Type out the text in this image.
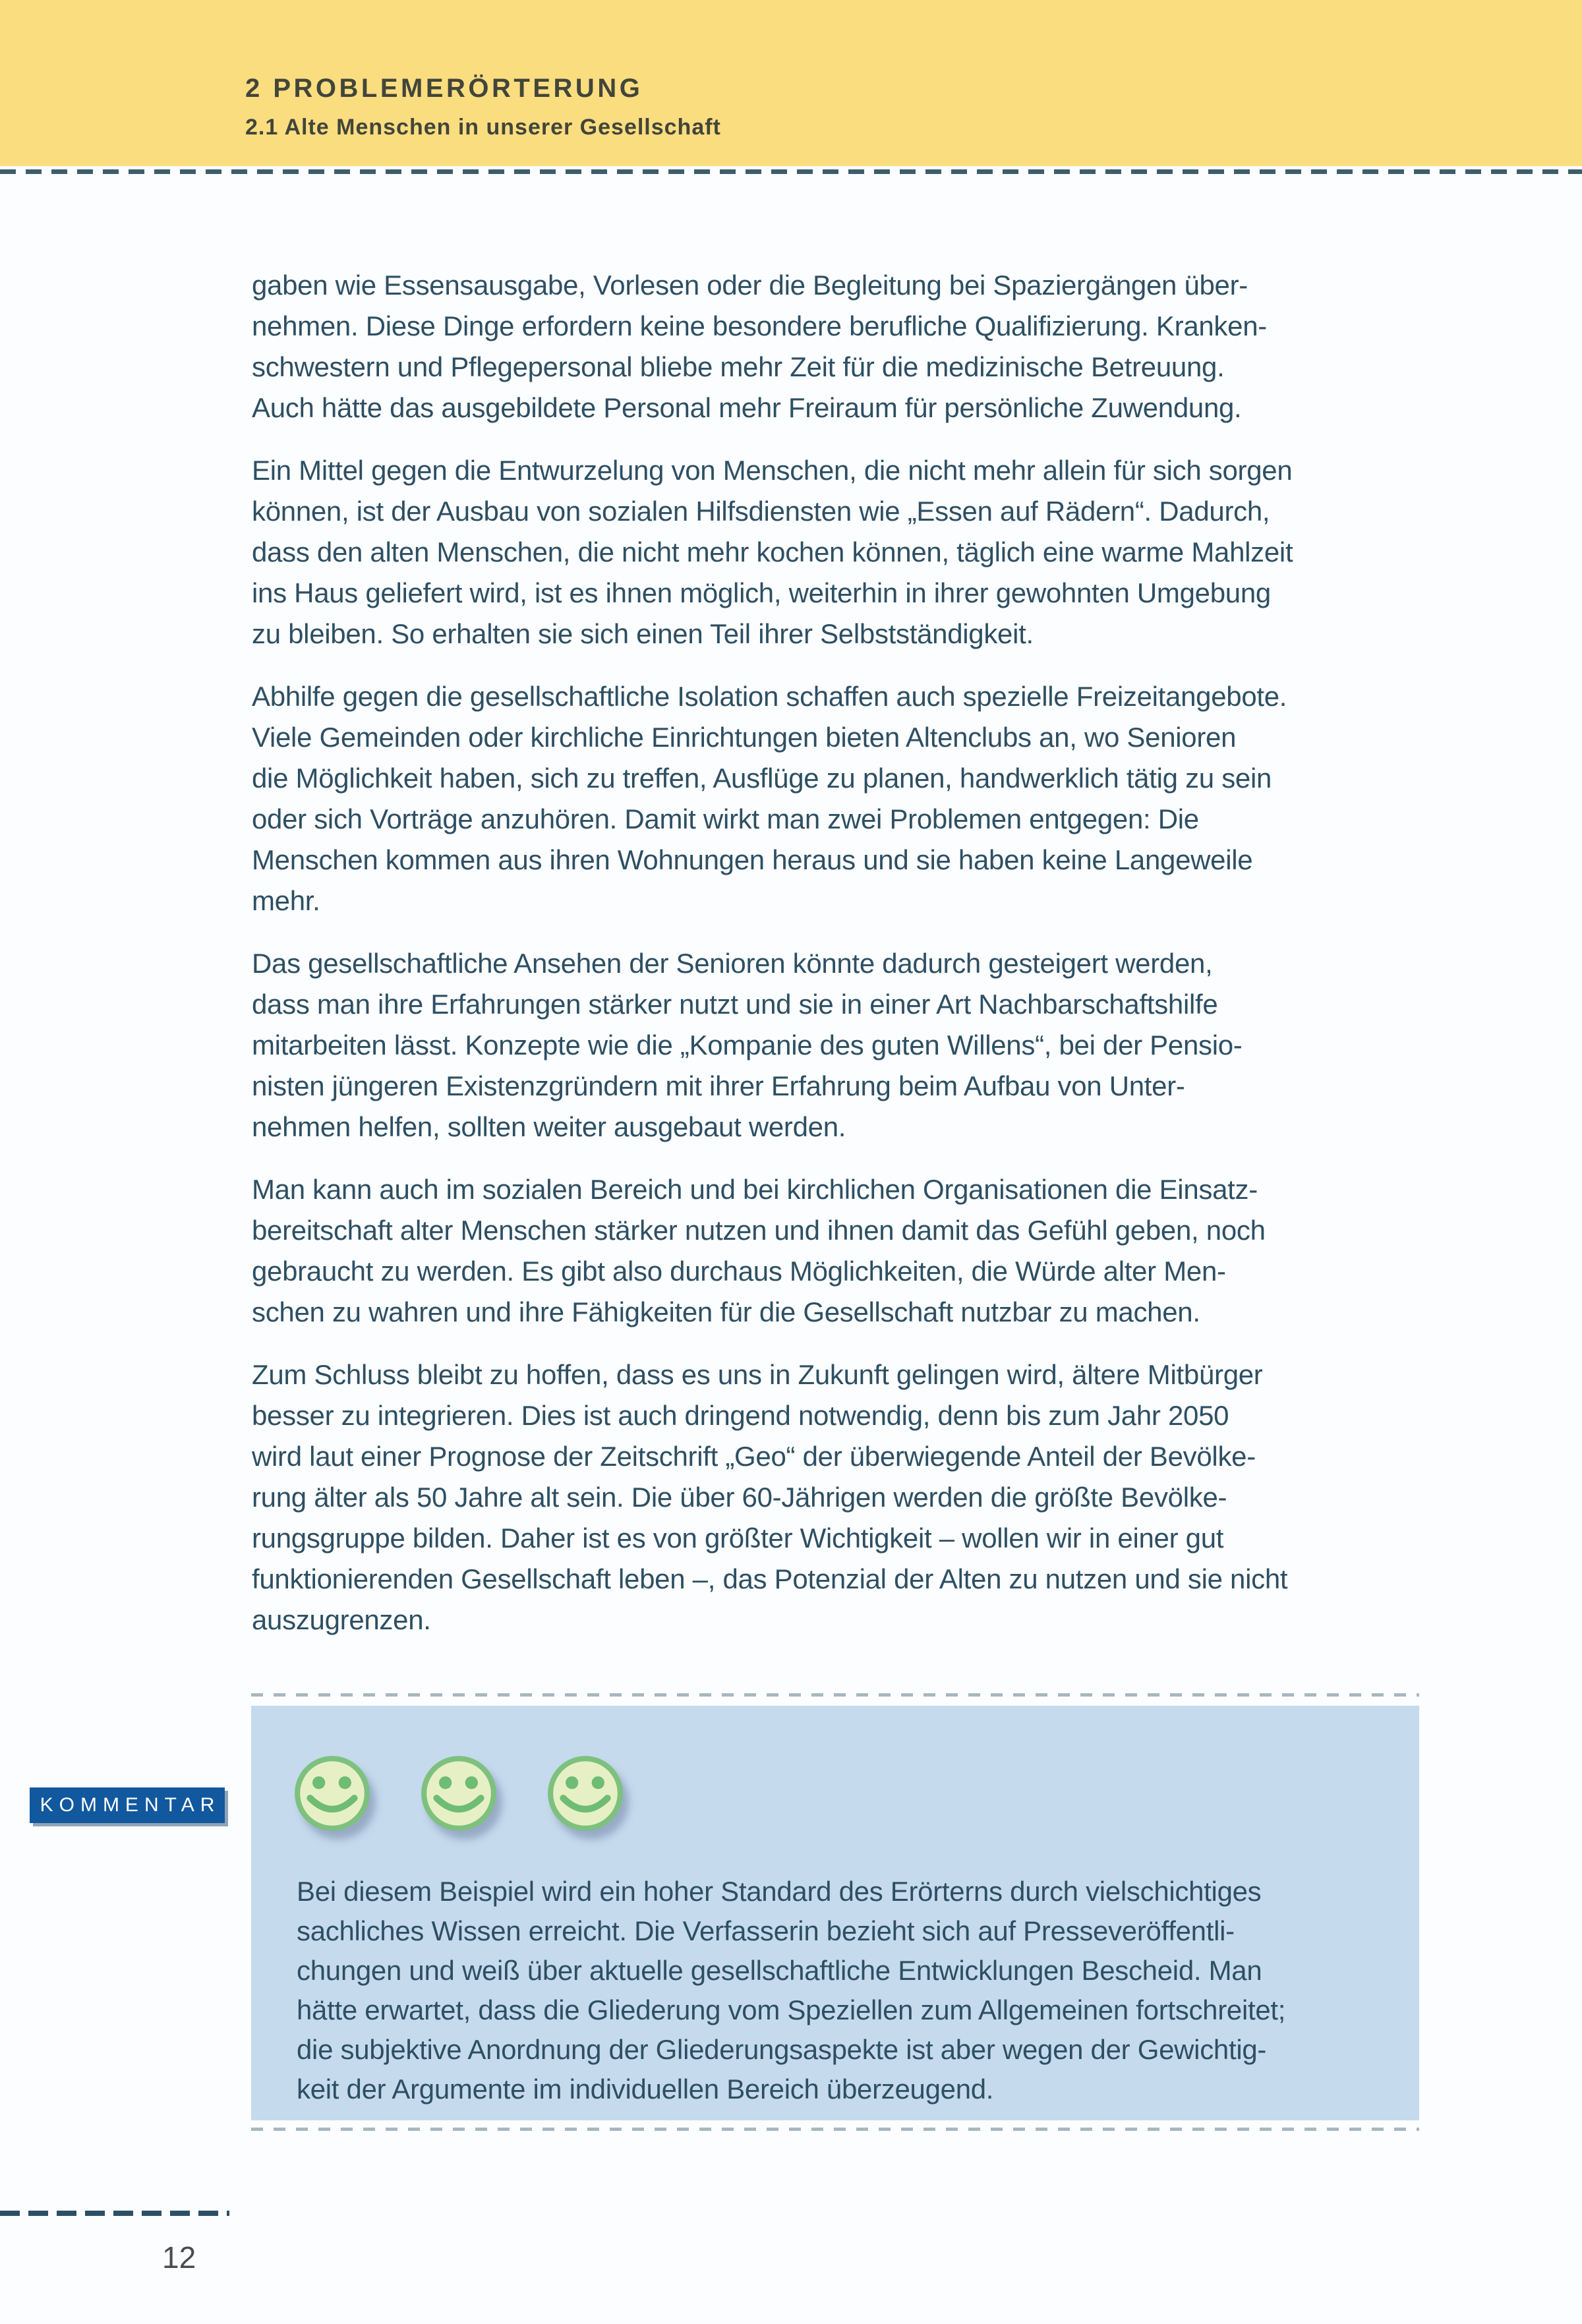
2 PROBLEMERÖRTERUNG
2.1 Alte Menschen in unserer Gesellschaft
gaben wie Essensausgabe, Vorlesen oder die Begleitung bei Spaziergängen über-
nehmen. Diese Dinge erfordern keine besondere berufliche Qualifizierung. Kranken-
schwestern und Pflegepersonal bliebe mehr Zeit für die medizinische Betreuung.
Auch hätte das ausgebildete Personal mehr Freiraum für persönliche Zuwendung.
Ein Mittel gegen die Entwurzelung von Menschen, die nicht mehr allein für sich sorgen
können, ist der Ausbau von sozialen Hilfsdiensten wie „Essen auf Rädern“. Dadurch,
dass den alten Menschen, die nicht mehr kochen können, täglich eine warme Mahlzeit
ins Haus geliefert wird, ist es ihnen möglich, weiterhin in ihrer gewohnten Umgebung
zu bleiben. So erhalten sie sich einen Teil ihrer Selbstständigkeit.
Abhilfe gegen die gesellschaftliche Isolation schaffen auch spezielle Freizeitangebote.
Viele Gemeinden oder kirchliche Einrichtungen bieten Altenclubs an, wo Senioren
die Möglichkeit haben, sich zu treffen, Ausflüge zu planen, handwerklich tätig zu sein
oder sich Vorträge anzuhören. Damit wirkt man zwei Problemen entgegen: Die
Menschen kommen aus ihren Wohnungen heraus und sie haben keine Langeweile
mehr.
Das gesellschaftliche Ansehen der Senioren könnte dadurch gesteigert werden,
dass man ihre Erfahrungen stärker nutzt und sie in einer Art Nachbarschaftshilfe
mitarbeiten lässt. Konzepte wie die „Kompanie des guten Willens“, bei der Pensio-
nisten jüngeren Existenzgründern mit ihrer Erfahrung beim Aufbau von Unter-
nehmen helfen, sollten weiter ausgebaut werden.
Man kann auch im sozialen Bereich und bei kirchlichen Organisationen die Einsatz-
bereitschaft alter Menschen stärker nutzen und ihnen damit das Gefühl geben, noch
gebraucht zu werden. Es gibt also durchaus Möglichkeiten, die Würde alter Men-
schen zu wahren und ihre Fähigkeiten für die Gesellschaft nutzbar zu machen.
Zum Schluss bleibt zu hoffen, dass es uns in Zukunft gelingen wird, ältere Mitbürger
besser zu integrieren. Dies ist auch dringend notwendig, denn bis zum Jahr 2050
wird laut einer Prognose der Zeitschrift „Geo“ der überwiegende Anteil der Bevölke-
rung älter als 50 Jahre alt sein. Die über 60-Jährigen werden die größte Bevölke-
rungsgruppe bilden. Daher ist es von größter Wichtigkeit – wollen wir in einer gut
funktionierenden Gesellschaft leben –, das Potenzial der Alten zu nutzen und sie nicht
auszugrenzen.
Bei diesem Beispiel wird ein hoher Standard des Erörterns durch vielschichtiges
sachliches Wissen erreicht. Die Verfasserin bezieht sich auf Presseveröffentli-
chungen und weiß über aktuelle gesellschaftliche Entwicklungen Bescheid. Man
hätte erwartet, dass die Gliederung vom Speziellen zum Allgemeinen fortschreitet;
die subjektive Anordnung der Gliederungsaspekte ist aber wegen der Gewichtig-
keit der Argumente im individuellen Bereich überzeugend.
KOMMENTAR
12
